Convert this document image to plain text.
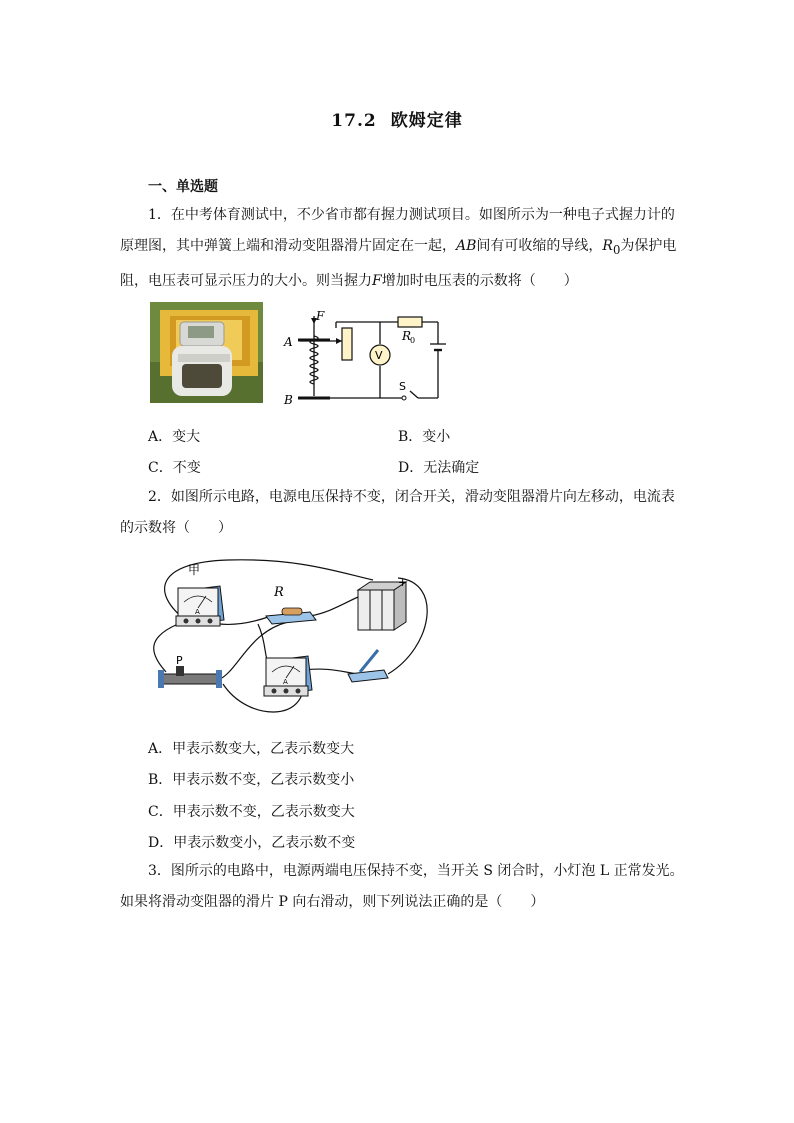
17.2 欧姆定律
一、单选题
1．在中考体育测试中，不少省市都有握力测试项目。如图所示为一种电子式握力计的
原理图，其中弹簧上端和滑动变阻器滑片固定在一起，AB间有可收缩的导线，$R_0$为保护电
阻，电压表可显示压力的大小。则当握力F增加时电压表的示数将（　　）
F
A
B
R
0
V
S
A．变大	B．变小
C．不变	D．无法确定
2．如图所示电路，电源电压保持不变，闭合开关，滑动变阻器滑片向左移动，电流表
的示数将（　　）
甲
A
R
+
P
A
A．甲表示数变大，乙表示数变大
B．甲表示数不变，乙表示数变小
C．甲表示数不变，乙表示数变大
D．甲表示数变小，乙表示数不变
3．图所示的电路中，电源两端电压保持不变，当开关 S 闭合时，小灯泡 L 正常发光。
如果将滑动变阻器的滑片 P 向右滑动，则下列说法正确的是（　　）
